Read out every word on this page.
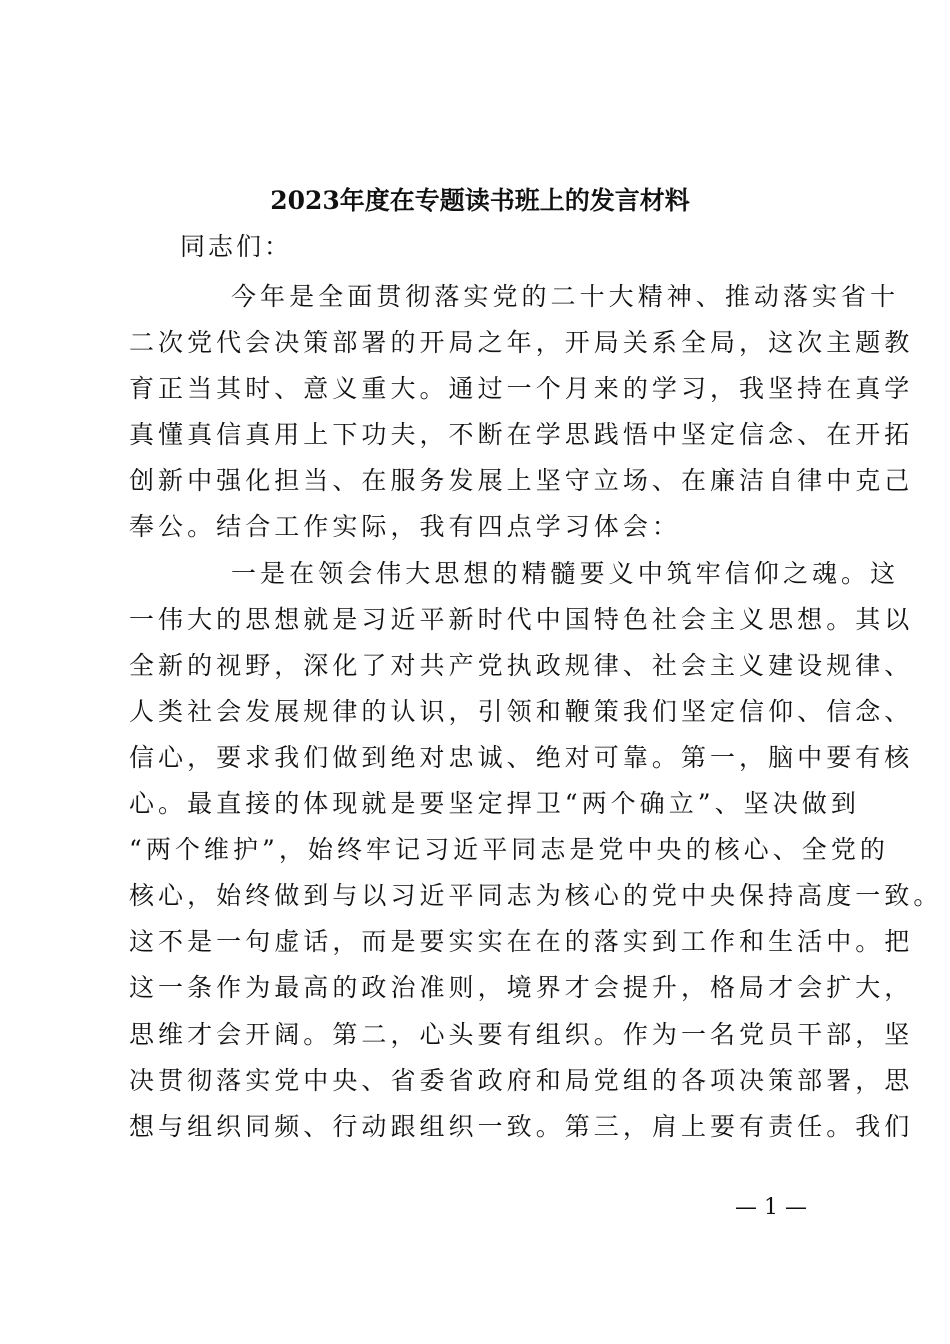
2023年度在专题读书班上的发言材料
同志们：
今年是全面贯彻落实党的二十大精神、推动落实省十
二次党代会决策部署的开局之年，开局关系全局，这次主题教
育正当其时、意义重大。通过一个月来的学习，我坚持在真学
真懂真信真用上下功夫，不断在学思践悟中坚定信念、在开拓
创新中强化担当、在服务发展上坚守立场、在廉洁自律中克己
奉公。结合工作实际，我有四点学习体会：
一是在领会伟大思想的精髓要义中筑牢信仰之魂。这
一伟大的思想就是习近平新时代中国特色社会主义思想。其以
全新的视野，深化了对共产党执政规律、社会主义建设规律、
人类社会发展规律的认识，引领和鞭策我们坚定信仰、信念、
信心，要求我们做到绝对忠诚、绝对可靠。第一，脑中要有核
心。最直接的体现就是要坚定捍卫“两个确立”、坚决做到
“两个维护”，始终牢记习近平同志是党中央的核心、全党的
核心，始终做到与以习近平同志为核心的党中央保持高度一致。
这不是一句虚话，而是要实实在在的落实到工作和生活中。把
这一条作为最高的政治准则，境界才会提升，格局才会扩大，
思维才会开阔。第二，心头要有组织。作为一名党员干部，坚
决贯彻落实党中央、省委省政府和局党组的各项决策部署，思
想与组织同频、行动跟组织一致。第三，肩上要有责任。我们
— 1 —
